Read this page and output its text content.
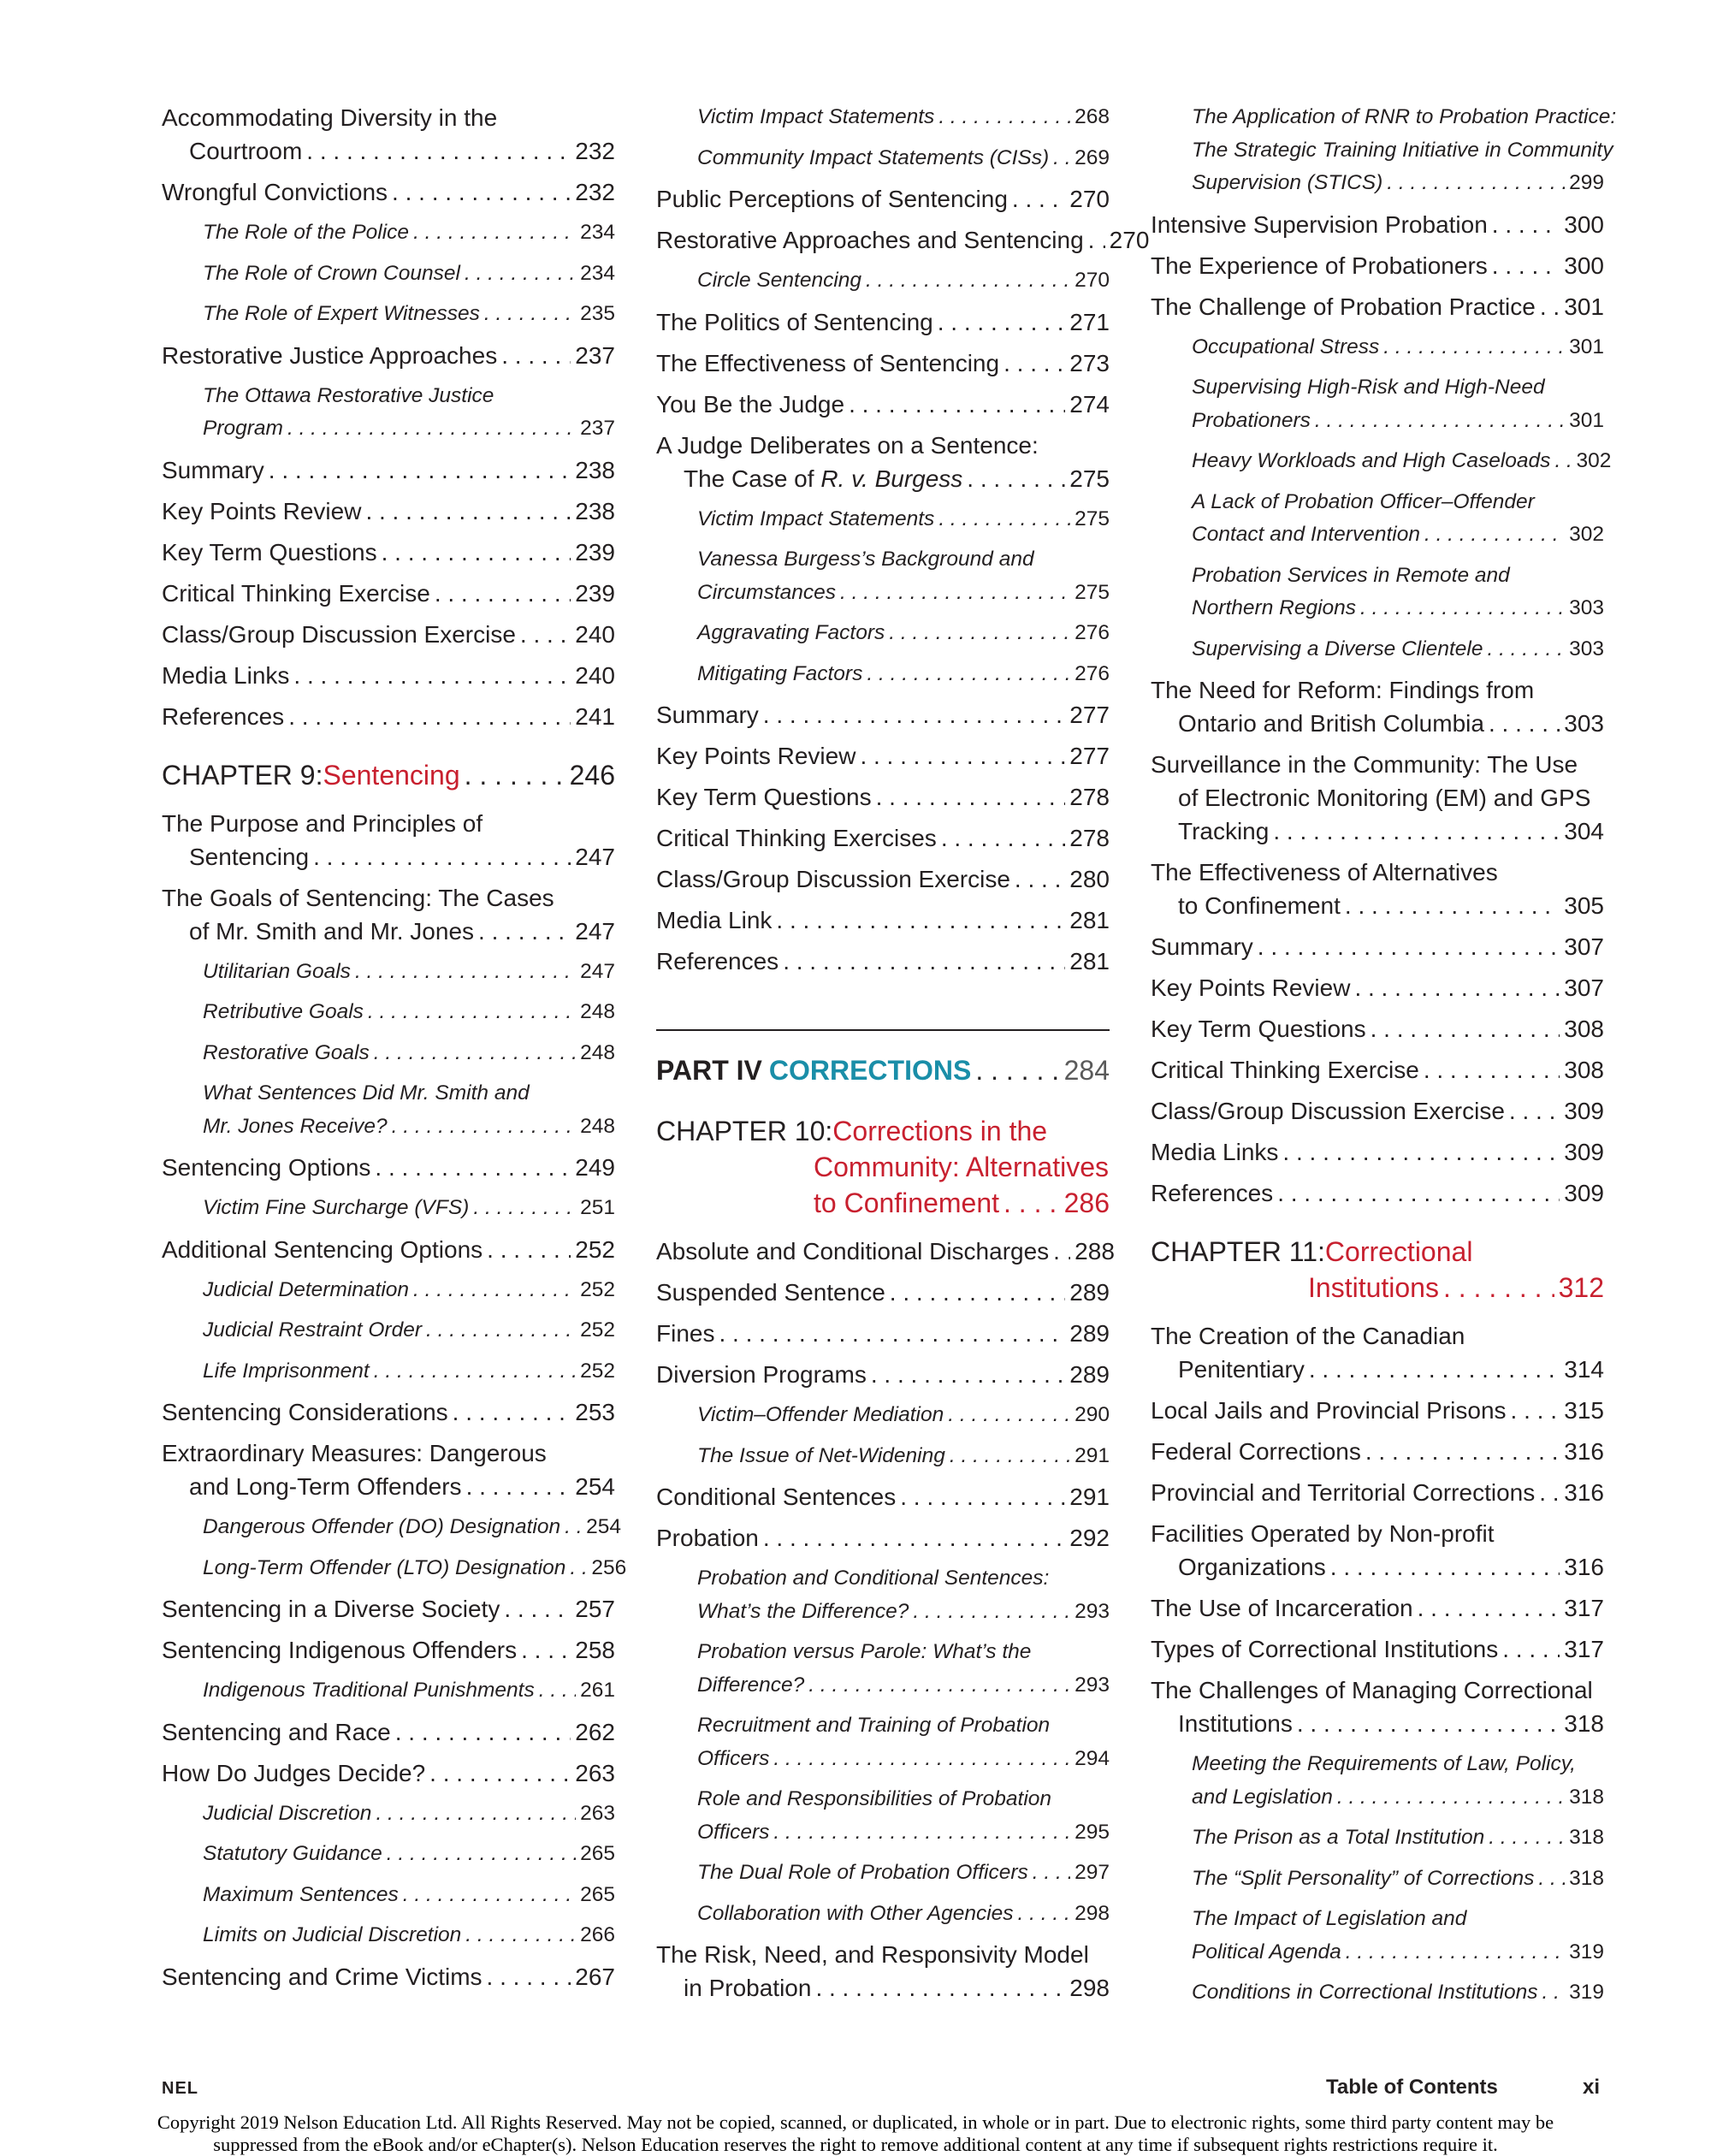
Accommodating Diversity in the
Courtroom . . .	232
Wrongful Convictions . . .	232
The Role of the Police . . .	234
The Role of Crown Counsel . . .	234
The Role of Expert Witnesses . . .	235
Restorative Justice Approaches . . .	237
The Ottawa Restorative Justice
Program . . .	237
Summary . . .	238
Key Points Review . . .	238
Key Term Questions . . .	239
Critical Thinking Exercise . . .	239
Class/Group Discussion Exercise . . . 240
Media Links . . .	240
References . . .	241
CHAPTER 9: Sentencing . . .	246
The Purpose and Principles of
Sentencing . . .	247
The Goals of Sentencing: The Cases
of Mr. Smith and Mr. Jones . . .	247
Utilitarian Goals . . .	247
Retributive Goals . . .	248
Restorative Goals . . .	248
What Sentences Did Mr. Smith and
Mr. Jones Receive? . . .	248
Sentencing Options . . .	249
Victim Fine Surcharge (VFS) . . .	251
Additional Sentencing Options . . .	252
Judicial Determination . . .	252
Judicial Restraint Order . . .	252
Life Imprisonment . . .	252
Sentencing Considerations . . .	253
Extraordinary Measures: Dangerous
and Long-Term Offenders . . .	254
Dangerous Offender (DO) Designation . . . 254
Long-Term Offender (LTO) Designation . . . 256
Sentencing in a Diverse Society . . .	257
Sentencing Indigenous Offenders . . . 258
Indigenous Traditional Punishments . . . 261
Sentencing and Race . . .	262
How Do Judges Decide? . . .	263
Judicial Discretion . . .	263
Statutory Guidance . . .	265
Maximum Sentences . . .	265
Limits on Judicial Discretion . . .	266
Sentencing and Crime Victims . . .	267
Victim Impact Statements . . .	268
Community Impact Statements (CISs) . . . 269
Public Perceptions of Sentencing . . .	270
Restorative Approaches and Sentencing . . . 270
Circle Sentencing . . .	270
The Politics of Sentencing . . .	271
The Effectiveness of Sentencing . . .	273
You Be the Judge . . .	274
A Judge Deliberates on a Sentence:
The Case of R. v. Burgess . . .	275
Victim Impact Statements . . .	275
Vanessa Burgess’s Background and
Circumstances . . .	275
Aggravating Factors . . .	276
Mitigating Factors . . .	276
Summary . . .	277
Key Points Review . . .	277
Key Term Questions . . .	278
Critical Thinking Exercises . . .	278
Class/Group Discussion Exercise . . . 280
Media Link . . .	281
References . . .	281
PART IV CORRECTIONS . . .	284
CHAPTER 10: Corrections in the
Community: Alternatives
to Confinement . . . 286
Absolute and Conditional Discharges . . . 288
Suspended Sentence . . .	289
Fines . . .	289
Diversion Programs . . .	289
Victim–Offender Mediation . . .	290
The Issue of Net-Widening . . .	291
Conditional Sentences . . .	291
Probation . . .	292
Probation and Conditional Sentences:
What’s the Difference? . . .	293
Probation versus Parole: What’s the
Difference? . . .	293
Recruitment and Training of Probation
Officers . . .	294
Role and Responsibilities of Probation
Officers . . .	295
The Dual Role of Probation Officers . . . 297
Collaboration with Other Agencies . . .	298
The Risk, Need, and Responsivity Model
in Probation . . .	298
The Application of RNR to Probation Practice:
The Strategic Training Initiative in Community
Supervision (STICS) . . .	299
Intensive Supervision Probation . . .	300
The Experience of Probationers . . .	300
The Challenge of Probation Practice . . . 301
Occupational Stress . . .	301
Supervising High-Risk and High-Need
Probationers . . .	301
Heavy Workloads and High Caseloads . . . 302
A Lack of Probation Officer–Offender
Contact and Intervention . . .	302
Probation Services in Remote and
Northern Regions . . .	303
Supervising a Diverse Clientele . . .	303
The Need for Reform: Findings from
Ontario and British Columbia . . .	303
Surveillance in the Community: The Use
of Electronic Monitoring (EM) and GPS
Tracking . . .	304
The Effectiveness of Alternatives
to Confinement . . .	305
Summary . . .	307
Key Points Review . . .	307
Key Term Questions . . .	308
Critical Thinking Exercise . . .	308
Class/Group Discussion Exercise . . . 309
Media Links . . .	309
References . . .	309
CHAPTER 11: Correctional
Institutions . . .	312
The Creation of the Canadian
Penitentiary . . .	314
Local Jails and Provincial Prisons . . . 315
Federal Corrections . . .	316
Provincial and Territorial Corrections . . . 316
Facilities Operated by Non-profit
Organizations . . .	316
The Use of Incarceration . . .	317
Types of Correctional Institutions . . .	317
The Challenges of Managing Correctional
Institutions . . .	318
Meeting the Requirements of Law, Policy,
and Legislation . . .	318
The Prison as a Total Institution . . .	318
The “Split Personality” of Corrections . . . 318
The Impact of Legislation and
Political Agenda . . .	319
Conditions in Correctional Institutions . . . 319
NEL	Table of Contents	xi
Copyright 2019 Nelson Education Ltd. All Rights Reserved. May not be copied, scanned, or duplicated, in whole or in part. Due to electronic rights, some third party content may be suppressed from the eBook and/or eChapter(s). Nelson Education reserves the right to remove additional content at any time if subsequent rights restrictions require it.
